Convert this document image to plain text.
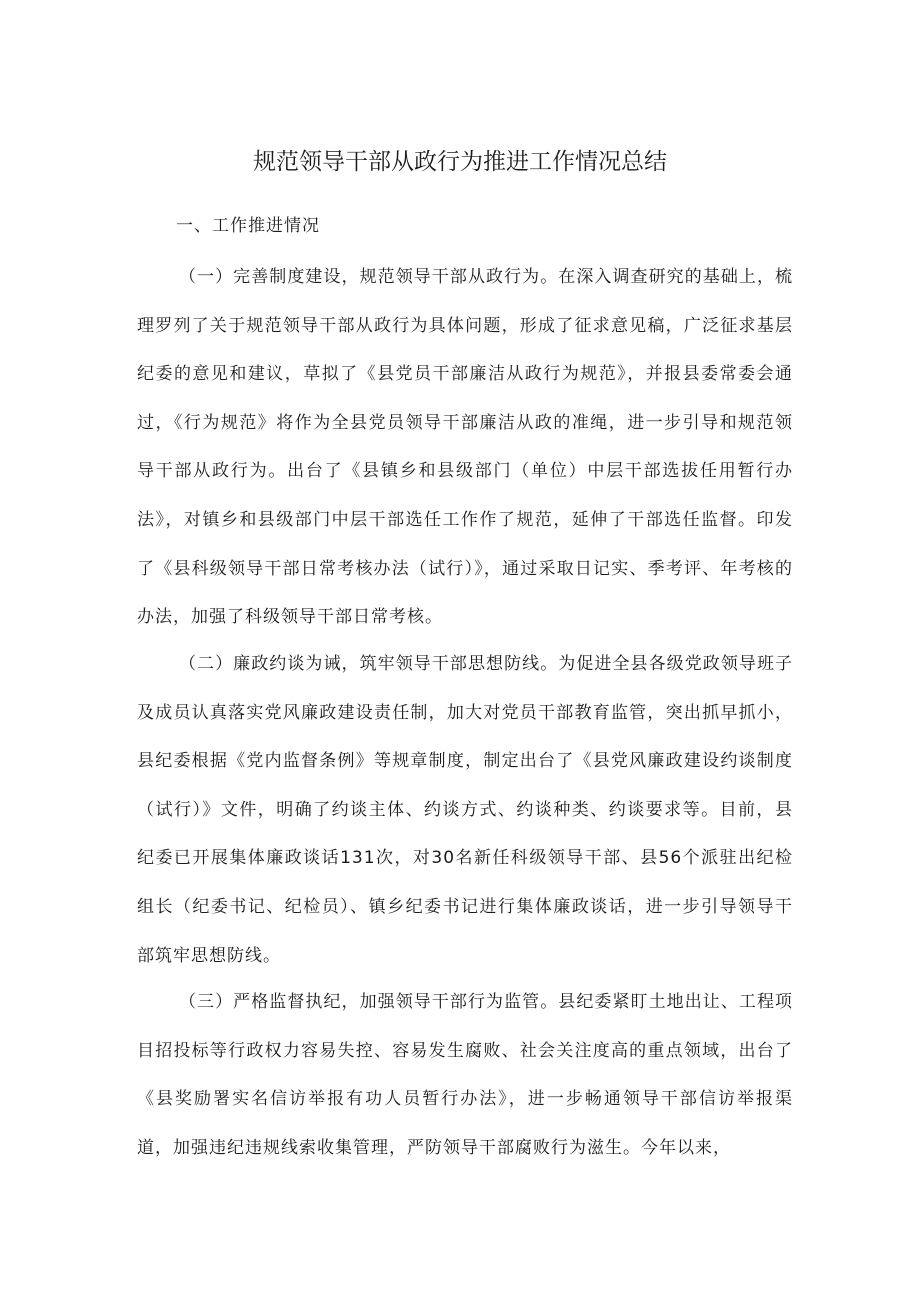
规范领导干部从政行为推进工作情况总结

一、工作推进情况

（一）完善制度建设，规范领导干部从政行为。在深入调查研究的基础上，梳理罗列了关于规范领导干部从政行为具体问题，形成了征求意见稿，广泛征求基层纪委的意见和建议，草拟了《县党员干部廉洁从政行为规范》，并报县委常委会通过，《行为规范》将作为全县党员领导干部廉洁从政的准绳，进一步引导和规范领导干部从政行为。出台了《县镇乡和县级部门（单位）中层干部选拔任用暂行办法》，对镇乡和县级部门中层干部选任工作作了规范，延伸了干部选任监督。印发了《县科级领导干部日常考核办法（试行）》，通过采取日记实、季考评、年考核的办法，加强了科级领导干部日常考核。

（二）廉政约谈为诫，筑牢领导干部思想防线。为促进全县各级党政领导班子及成员认真落实党风廉政建设责任制，加大对党员干部教育监管，突出抓早抓小，县纪委根据《党内监督条例》等规章制度，制定出台了《县党风廉政建设约谈制度（试行）》文件，明确了约谈主体、约谈方式、约谈种类、约谈要求等。目前，县纪委已开展集体廉政谈话131次，对30名新任科级领导干部、县56个派驻出纪检组长（纪委书记、纪检员）、镇乡纪委书记进行集体廉政谈话，进一步引导领导干部筑牢思想防线。

（三）严格监督执纪，加强领导干部行为监管。县纪委紧盯土地出让、工程项目招投标等行政权力容易失控、容易发生腐败、社会关注度高的重点领域，出台了《县奖励署实名信访举报有功人员暂行办法》，进一步畅通领导干部信访举报渠道，加强违纪违规线索收集管理，严防领导干部腐败行为滋生。今年以来，
